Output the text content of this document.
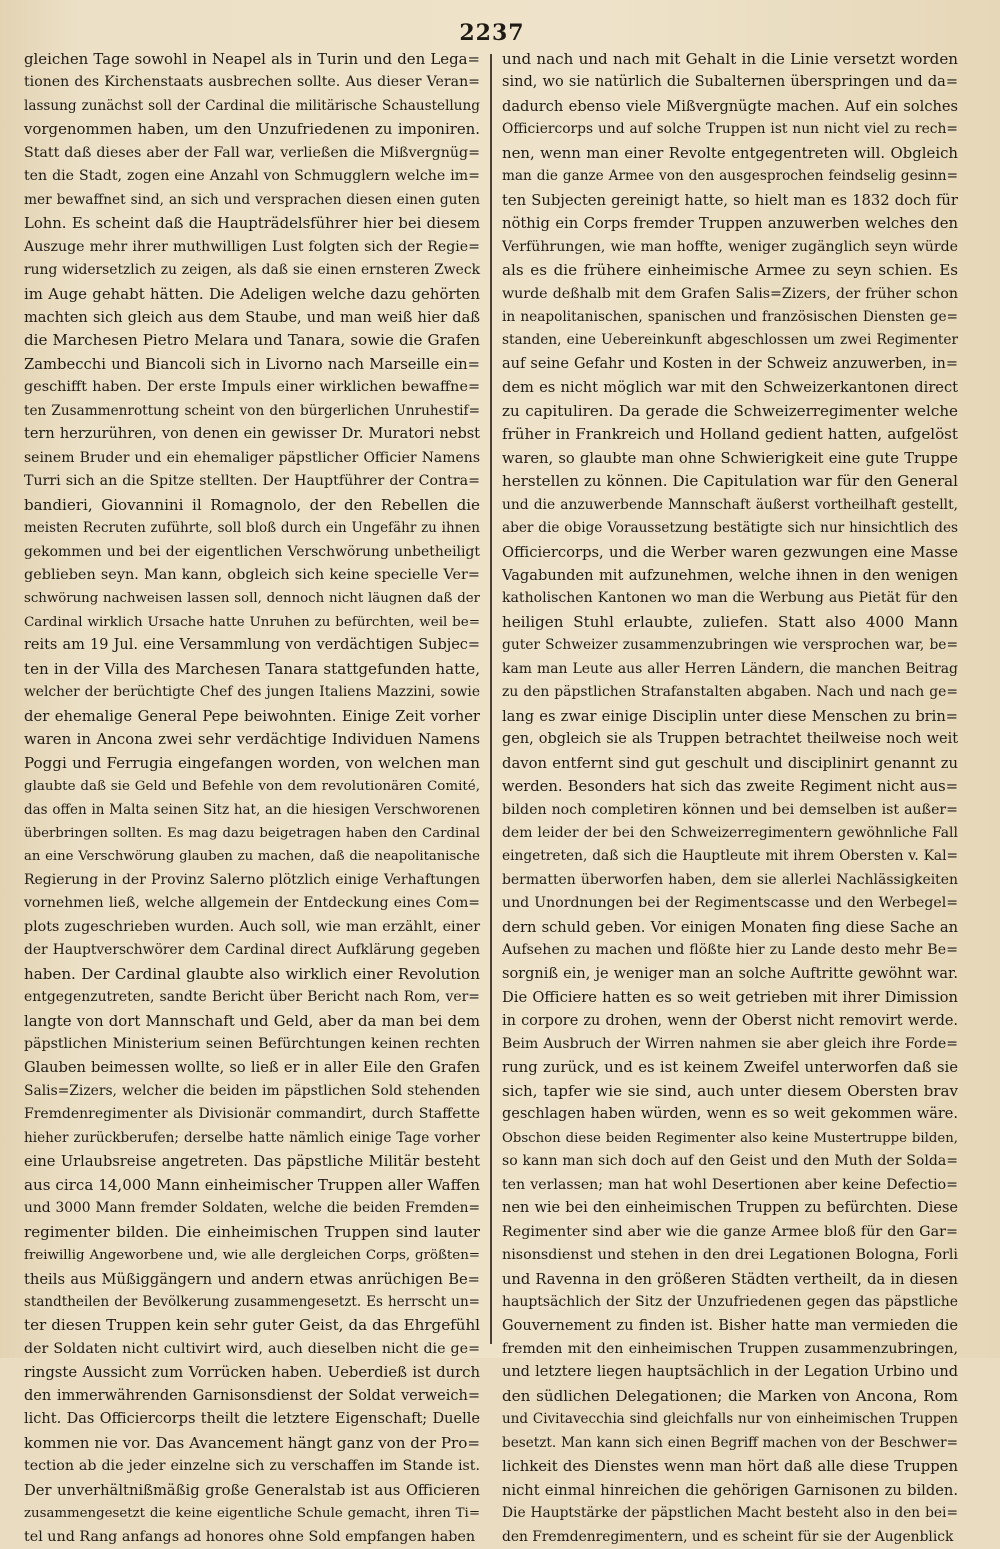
2237
gleichen Tage sowohl in Neapel als in Turin und den Lega=
tionen des Kirchenstaats ausbrechen sollte. Aus dieser Veran=
lassung zunächst soll der Cardinal die militärische Schaustellung
vorgenommen haben, um den Unzufriedenen zu imponiren.
Statt daß dieses aber der Fall war, verließen die Mißvergnüg=
ten die Stadt, zogen eine Anzahl von Schmugglern welche im=
mer bewaffnet sind, an sich und versprachen diesen einen guten
Lohn. Es scheint daß die Haupträdelsführer hier bei diesem
Auszuge mehr ihrer muthwilligen Lust folgten sich der Regie=
rung widersetzlich zu zeigen, als daß sie einen ernsteren Zweck
im Auge gehabt hätten. Die Adeligen welche dazu gehörten
machten sich gleich aus dem Staube, und man weiß hier daß
die Marchesen Pietro Melara und Tanara, sowie die Grafen
Zambecchi und Biancoli sich in Livorno nach Marseille ein=
geschifft haben. Der erste Impuls einer wirklichen bewaffne=
ten Zusammenrottung scheint von den bürgerlichen Unruhestif=
tern herzurühren, von denen ein gewisser Dr. Muratori nebst
seinem Bruder und ein ehemaliger päpstlicher Officier Namens
Turri sich an die Spitze stellten. Der Hauptführer der Contra=
bandieri, Giovannini il Romagnolo, der den Rebellen die
meisten Recruten zuführte, soll bloß durch ein Ungefähr zu ihnen
gekommen und bei der eigentlichen Verschwörung unbetheiligt
geblieben seyn. Man kann, obgleich sich keine specielle Ver=
schwörung nachweisen lassen soll, dennoch nicht läugnen daß der
Cardinal wirklich Ursache hatte Unruhen zu befürchten, weil be=
reits am 19 Jul. eine Versammlung von verdächtigen Subjec=
ten in der Villa des Marchesen Tanara stattgefunden hatte,
welcher der berüchtigte Chef des jungen Italiens Mazzini, sowie
der ehemalige General Pepe beiwohnten. Einige Zeit vorher
waren in Ancona zwei sehr verdächtige Individuen Namens
Poggi und Ferrugia eingefangen worden, von welchen man
glaubte daß sie Geld und Befehle von dem revolutionären Comité,
das offen in Malta seinen Sitz hat, an die hiesigen Verschworenen
überbringen sollten. Es mag dazu beigetragen haben den Cardinal
an eine Verschwörung glauben zu machen, daß die neapolitanische
Regierung in der Provinz Salerno plötzlich einige Verhaftungen
vornehmen ließ, welche allgemein der Entdeckung eines Com=
plots zugeschrieben wurden. Auch soll, wie man erzählt, einer
der Hauptverschwörer dem Cardinal direct Aufklärung gegeben
haben. Der Cardinal glaubte also wirklich einer Revolution
entgegenzutreten, sandte Bericht über Bericht nach Rom, ver=
langte von dort Mannschaft und Geld, aber da man bei dem
päpstlichen Ministerium seinen Befürchtungen keinen rechten
Glauben beimessen wollte, so ließ er in aller Eile den Grafen
Salis=Zizers, welcher die beiden im päpstlichen Sold stehenden
Fremdenregimenter als Divisionär commandirt, durch Staffette
hieher zurückberufen; derselbe hatte nämlich einige Tage vorher
eine Urlaubsreise angetreten. Das päpstliche Militär besteht
aus circa 14,000 Mann einheimischer Truppen aller Waffen
und 3000 Mann fremder Soldaten, welche die beiden Fremden=
regimenter bilden. Die einheimischen Truppen sind lauter
freiwillig Angeworbene und, wie alle dergleichen Corps, größten=
theils aus Müßiggängern und andern etwas anrüchigen Be=
standtheilen der Bevölkerung zusammengesetzt. Es herrscht un=
ter diesen Truppen kein sehr guter Geist, da das Ehrgefühl
der Soldaten nicht cultivirt wird, auch dieselben nicht die ge=
ringste Aussicht zum Vorrücken haben. Ueberdieß ist durch
den immerwährenden Garnisonsdienst der Soldat verweich=
licht. Das Officiercorps theilt die letztere Eigenschaft; Duelle
kommen nie vor. Das Avancement hängt ganz von der Pro=
tection ab die jeder einzelne sich zu verschaffen im Stande ist.
Der unverhältnißmäßig große Generalstab ist aus Officieren
zusammengesetzt die keine eigentliche Schule gemacht, ihren Ti=
tel und Rang anfangs ad honores ohne Sold empfangen haben
und nach und nach mit Gehalt in die Linie versetzt worden
sind, wo sie natürlich die Subalternen überspringen und da=
dadurch ebenso viele Mißvergnügte machen. Auf ein solches
Officiercorps und auf solche Truppen ist nun nicht viel zu rech=
nen, wenn man einer Revolte entgegentreten will. Obgleich
man die ganze Armee von den ausgesprochen feindselig gesinn=
ten Subjecten gereinigt hatte, so hielt man es 1832 doch für
nöthig ein Corps fremder Truppen anzuwerben welches den
Verführungen, wie man hoffte, weniger zugänglich seyn würde
als es die frühere einheimische Armee zu seyn schien. Es
wurde deßhalb mit dem Grafen Salis=Zizers, der früher schon
in neapolitanischen, spanischen und französischen Diensten ge=
standen, eine Uebereinkunft abgeschlossen um zwei Regimenter
auf seine Gefahr und Kosten in der Schweiz anzuwerben, in=
dem es nicht möglich war mit den Schweizerkantonen direct
zu capituliren. Da gerade die Schweizerregimenter welche
früher in Frankreich und Holland gedient hatten, aufgelöst
waren, so glaubte man ohne Schwierigkeit eine gute Truppe
herstellen zu können. Die Capitulation war für den General
und die anzuwerbende Mannschaft äußerst vortheilhaft gestellt,
aber die obige Voraussetzung bestätigte sich nur hinsichtlich des
Officiercorps, und die Werber waren gezwungen eine Masse
Vagabunden mit aufzunehmen, welche ihnen in den wenigen
katholischen Kantonen wo man die Werbung aus Pietät für den
heiligen Stuhl erlaubte, zuliefen. Statt also 4000 Mann
guter Schweizer zusammenzubringen wie versprochen war, be=
kam man Leute aus aller Herren Ländern, die manchen Beitrag
zu den päpstlichen Strafanstalten abgaben. Nach und nach ge=
lang es zwar einige Disciplin unter diese Menschen zu brin=
gen, obgleich sie als Truppen betrachtet theilweise noch weit
davon entfernt sind gut geschult und disciplinirt genannt zu
werden. Besonders hat sich das zweite Regiment nicht aus=
bilden noch completiren können und bei demselben ist außer=
dem leider der bei den Schweizerregimentern gewöhnliche Fall
eingetreten, daß sich die Hauptleute mit ihrem Obersten v. Kal=
bermatten überworfen haben, dem sie allerlei Nachlässigkeiten
und Unordnungen bei der Regimentscasse und den Werbegel=
dern schuld geben. Vor einigen Monaten fing diese Sache an
Aufsehen zu machen und flößte hier zu Lande desto mehr Be=
sorgniß ein, je weniger man an solche Auftritte gewöhnt war.
Die Officiere hatten es so weit getrieben mit ihrer Dimission
in corpore zu drohen, wenn der Oberst nicht removirt werde.
Beim Ausbruch der Wirren nahmen sie aber gleich ihre Forde=
rung zurück, und es ist keinem Zweifel unterworfen daß sie
sich, tapfer wie sie sind, auch unter diesem Obersten brav
geschlagen haben würden, wenn es so weit gekommen wäre.
Obschon diese beiden Regimenter also keine Mustertruppe bilden,
so kann man sich doch auf den Geist und den Muth der Solda=
ten verlassen; man hat wohl Desertionen aber keine Defectio=
nen wie bei den einheimischen Truppen zu befürchten. Diese
Regimenter sind aber wie die ganze Armee bloß für den Gar=
nisonsdienst und stehen in den drei Legationen Bologna, Forli
und Ravenna in den größeren Städten vertheilt, da in diesen
hauptsächlich der Sitz der Unzufriedenen gegen das päpstliche
Gouvernement zu finden ist. Bisher hatte man vermieden die
fremden mit den einheimischen Truppen zusammenzubringen,
und letztere liegen hauptsächlich in der Legation Urbino und
den südlichen Delegationen; die Marken von Ancona, Rom
und Civitavecchia sind gleichfalls nur von einheimischen Truppen
besetzt. Man kann sich einen Begriff machen von der Beschwer=
lichkeit des Dienstes wenn man hört daß alle diese Truppen
nicht einmal hinreichen die gehörigen Garnisonen zu bilden.
Die Hauptstärke der päpstlichen Macht besteht also in den bei=
den Fremdenregimentern, und es scheint für sie der Augenblick
